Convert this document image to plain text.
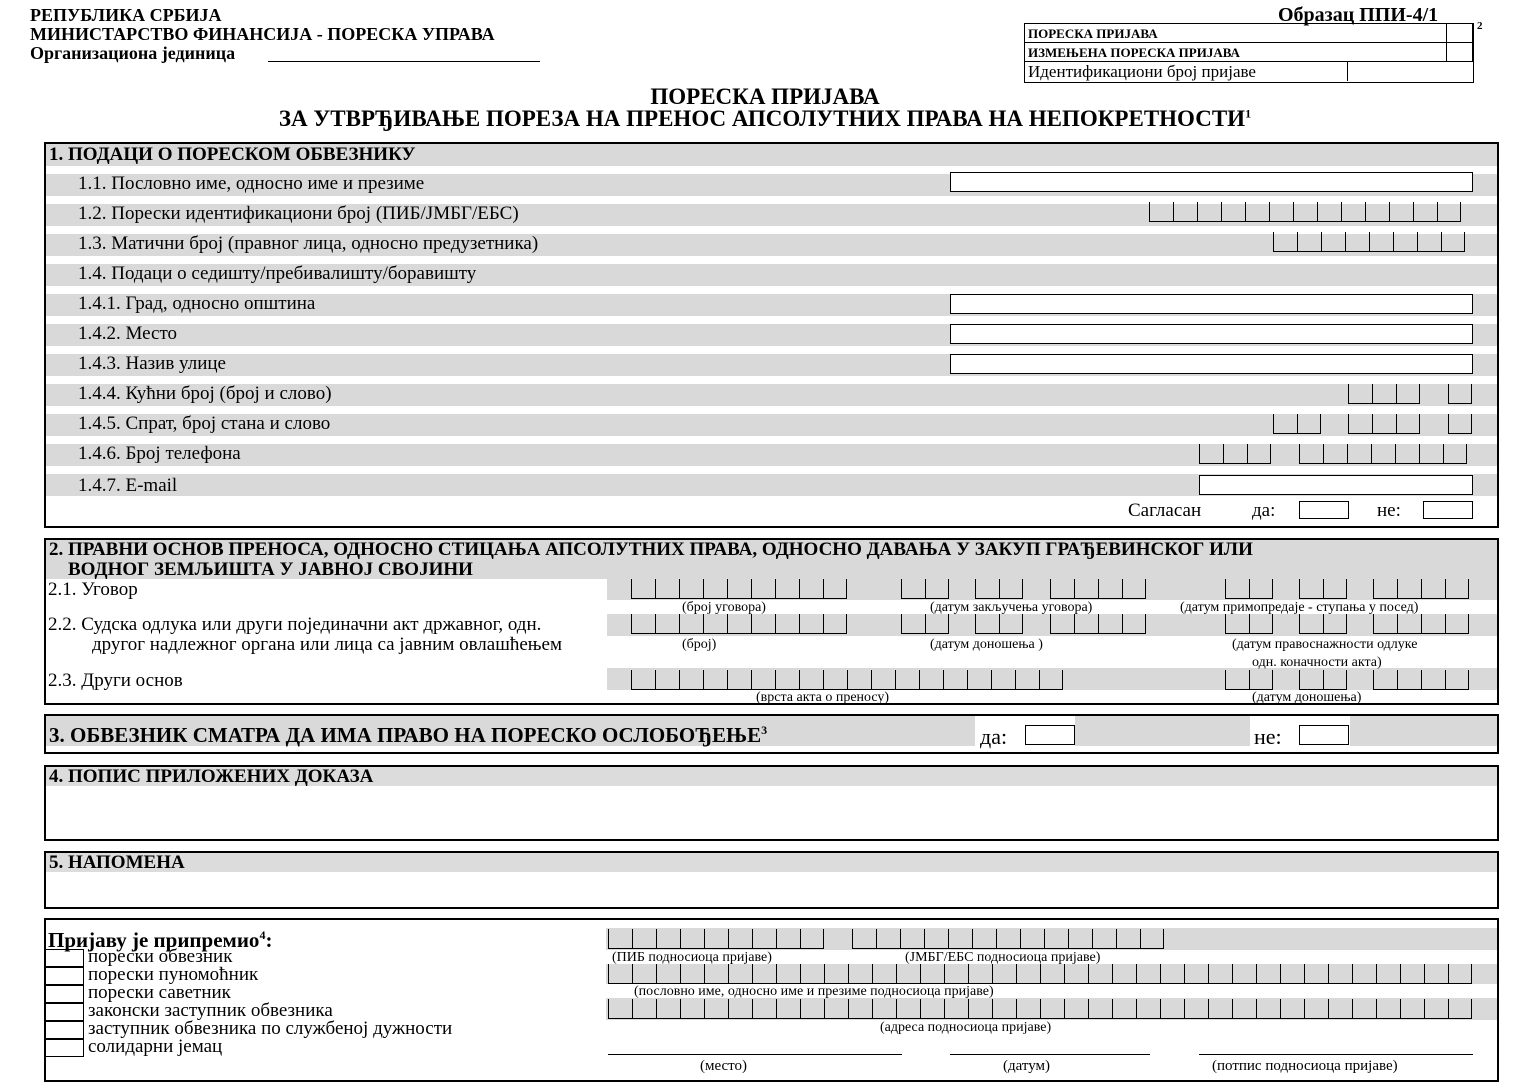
РЕПУБЛИКА СРБИЈА
МИНИСТАРСТВО ФИНАНСИЈА - ПОРЕСКА УПРАВА
Организациона јединица
Образац ППИ-4/1	2
ПОРЕСКА ПРИЈАВА
ИЗМЕЊЕНА ПОРЕСКА ПРИЈАВА
Идентификациони број пријаве
ПОРЕСКА ПРИЈАВА
ЗА УТВРЂИВАЊЕ ПОРЕЗА НА ПРЕНОС АПСОЛУТНИХ ПРАВА НА НЕПОКРЕТНОСТИ$^1$
1. ПОДАЦИ О ПОРЕСКОМ ОБВЕЗНИКУ
1.1. Пословно име, односно име и презиме
1.2. Порески идентификациони број (ПИБ/ЈМБГ/ЕБС)
1.3. Матични број (правног лица, односно предузетника)
1.4. Подаци о седишту/пребивалишту/боравишту
1.4.1. Град, односно општина
1.4.2. Место
1.4.3. Назив улице
1.4.4. Кућни број (број и слово)
1.4.5. Спрат, број стана и слово
1.4.6. Број телефона
1.4.7. E-mail
Сагласан	да:	не:
2. ПРАВНИ ОСНОВ ПРЕНОСА, ОДНОСНО СТИЦАЊА АПСОЛУТНИХ ПРАВА, ОДНОСНО ДАВАЊА У ЗАКУП ГРАЂЕВИНСКОГ ИЛИ
ВОДНОГ ЗЕМЉИШТА У ЈАВНОЈ СВОЈИНИ
2.1. Уговор
(број уговора)	(датум закључења уговора)	(датум примопредаје - ступања у посед)
2.2. Судска одлука или други појединачни акт државног, одн.
другог надлежног органа или лица са јавним овлашћењем	(број)	(датум доношења )	(датум правоснажности одлуке
одн. коначности акта)
2.3. Други основ
(врста акта о преносу)	(датум доношења)
3. ОБВЕЗНИК СМАТРА ДА ИМА ПРАВО НА ПОРЕСКО ОСЛОБОЂЕЊЕ$^3$	да:	не:
4. ПОПИС ПРИЛОЖЕНИХ ДОКАЗА
5. НАПОМЕНА
Пријаву је припремио$^4$:
порески обвезник
порески пуномоћник
порески саветник
законски заступник обвезника
заступник обвезника по службеној дужности
солидарни јемац
(ПИБ подносиоца пријаве)	(ЈМБГ/ЕБС подносиоца пријаве)
(пословно име, односно име и презиме подносиоца пријаве)
(адреса подносиоца пријаве)
(место)	(датум)	(потпис подносиоца пријаве)
